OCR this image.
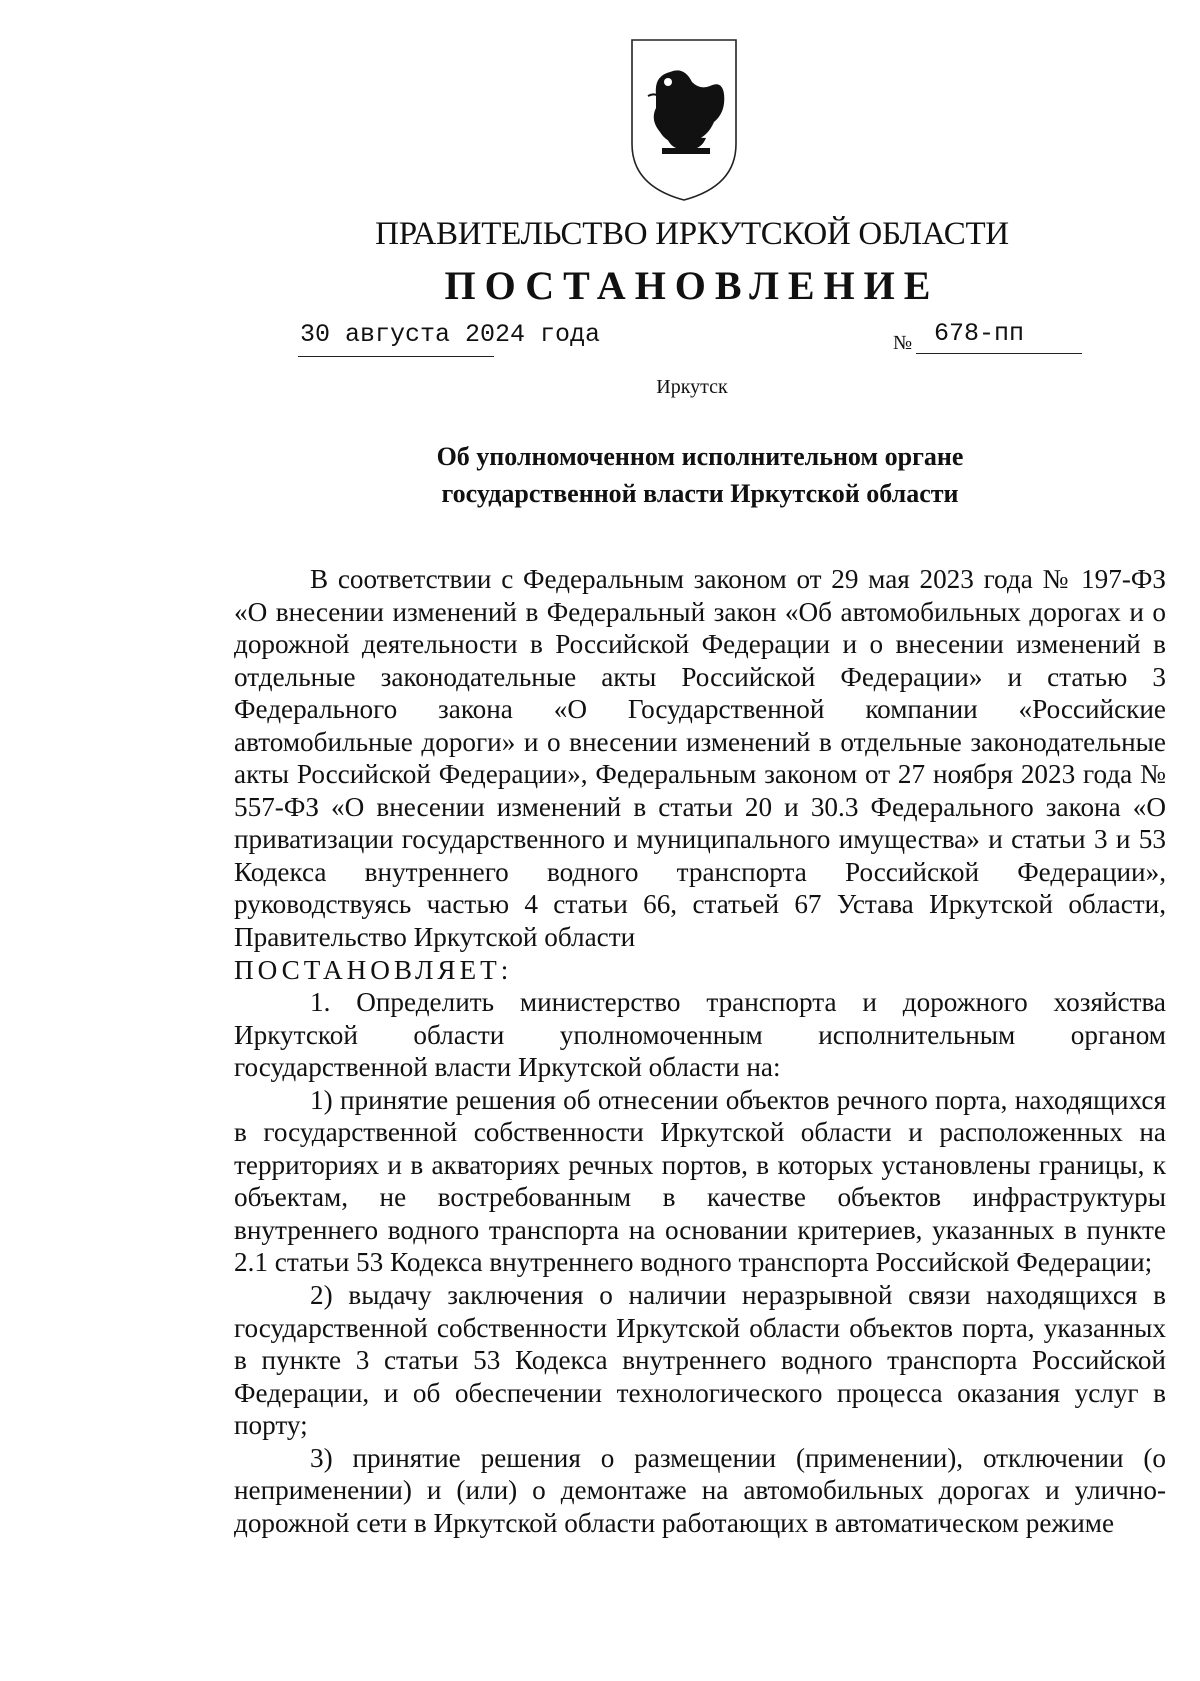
ПРАВИТЕЛЬСТВО ИРКУТСКОЙ ОБЛАСТИ
ПОСТАНОВЛЕНИЕ
30 августа 2024 года	№ 678-пп
Иркутск
Об уполномоченном исполнительном органе
государственной власти Иркутской области

В соответствии с Федеральным законом от 29 мая 2023 года № 197-ФЗ «О внесении изменений в Федеральный закон «Об автомобильных дорогах и о дорожной деятельности в Российской Федерации и о внесении изменений в отдельные законодательные акты Российской Федерации» и статью 3 Федерального закона «О Государственной компании «Российские автомобильные дороги» и о внесении изменений в отдельные законодательные акты Российской Федерации», Федеральным законом от 27 ноября 2023 года № 557-ФЗ «О внесении изменений в статьи 20 и 30.3 Федерального закона «О приватизации государственного и муниципального имущества» и статьи 3 и 53 Кодекса внутреннего водного транспорта Российской Федерации», руководствуясь частью 4 статьи 66, статьей 67 Устава Иркутской области, Правительство Иркутской области

ПОСТАНОВЛЯЕТ:

1. Определить министерство транспорта и дорожного хозяйства Иркутской области уполномоченным исполнительным органом государственной власти Иркутской области на:

1) принятие решения об отнесении объектов речного порта, находящихся в государственной собственности Иркутской области и расположенных на территориях и в акваториях речных портов, в которых установлены границы, к объектам, не востребованным в качестве объектов инфраструктуры внутреннего водного транспорта на основании критериев, указанных в пункте 2.1 статьи 53 Кодекса внутреннего водного транспорта Российской Федерации;

2) выдачу заключения о наличии неразрывной связи находящихся в государственной собственности Иркутской области объектов порта, указанных в пункте 3 статьи 53 Кодекса внутреннего водного транспорта Российской Федерации, и об обеспечении технологического процесса оказания услуг в порту;

3) принятие решения о размещении (применении), отключении (о неприменении) и (или) о демонтаже на автомобильных дорогах и улично-дорожной сети в Иркутской области работающих в автоматическом режиме
